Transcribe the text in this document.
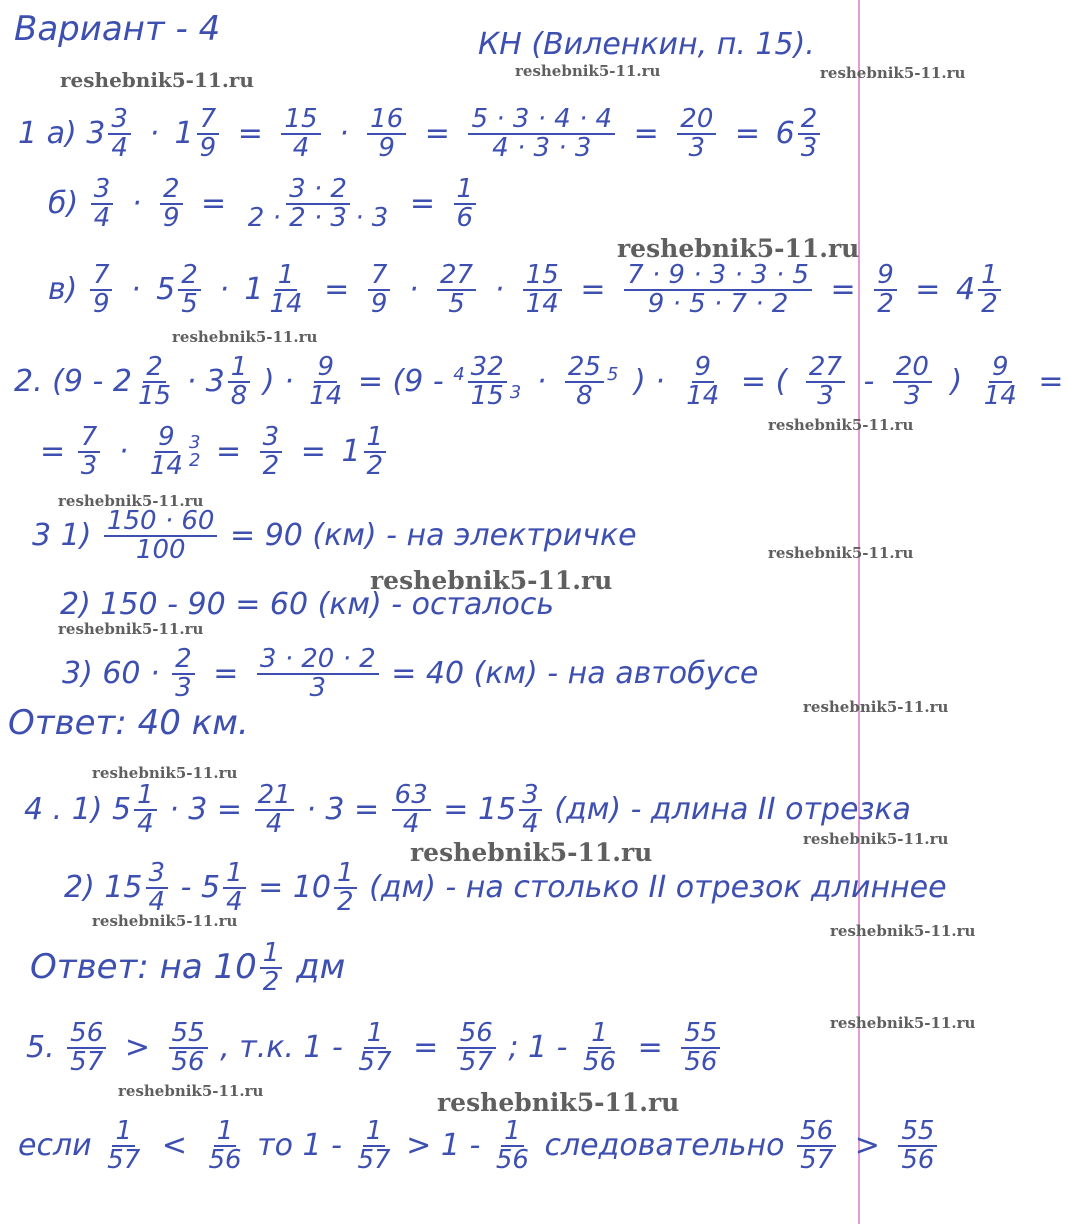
Вариант - 4	КН (Виленкин, п. 15).
reshebnik5-11.ru	reshebnik5-11.ru	reshebnik5-11.ru
reshebnik5-11.ru
reshebnik5-11.ru
reshebnik5-11.ru
reshebnik5-11.ru
reshebnik5-11.ru
reshebnik5-11.ru
reshebnik5-11.ru
reshebnik5-11.ru
reshebnik5-11.ru
reshebnik5-11.ru
reshebnik5-11.ru
reshebnik5-11.ru
reshebnik5-11.ru
reshebnik5-11.ru
reshebnik5-11.ru	reshebnik5-11.ru
1 а) $3 \frac{3}{4} \cdot 1 \frac{7}{9} = \frac{15}{4} \cdot \frac{16}{9} = \frac{5 \cdot 3 \cdot 4 \cdot 4}{4 \cdot 3 \cdot 3} = \frac{20}{3} = 6 \frac{2}{3}$
$б) \frac{3}{4} \cdot \frac{2}{9} = \frac{3 \cdot 2}{2 \cdot 2 \cdot 3 \cdot 3} = \frac{1}{6}$
$в) \frac{7}{9} \cdot 5 \frac{2}{5} \cdot 1 \frac{1}{14} = \frac{7}{9} \cdot \frac{27}{5} \cdot \frac{15}{14} = \frac{7 \cdot 9 \cdot 3 \cdot 3 \cdot 5}{9 \cdot 5 \cdot 7 \cdot 2} = \frac{9}{2} = 4 \frac{1}{2}$
2. ($9 - 2 \frac{2}{15} \cdot 3 \frac{1}{8}$ ) · $\frac{9}{14} = (9 - ^4 \frac{32}{15} _3 \cdot \frac{25}{8} ^5$ ) · $\frac{9}{14}$ = ( $\frac{27}{3} - \frac{20}{3}$ ) $\frac{9}{14}$ =
= $\frac{7}{3} \cdot \frac{9}{14} 3$
$2 = \frac{3}{2} = 1 \frac{1}{2}$
3 $1) \frac{150 \cdot 60}{100} = 90$ (км) - на электричке
2) 150 - 90 = 60 (км) - осталось
3) $60 \cdot \frac{2}{3} = \frac{3 \cdot 20 \cdot 2}{3} = 40$ (км) - на автобусе
Ответ: 40 км.
4 . 1) $5 \frac{1}{4} \cdot 3 = \frac{21}{4} \cdot 3 = \frac{63}{4} = 15 \frac{3}{4} (дм)$ - длина II отрезка
2) $15 \frac{3}{4} - 5 \frac{1}{4} = 10 \frac{1}{2} (дм)$ - на столько II отрезок длиннее
Ответ: на $10 \frac{1}{2}$ дм
5. $\frac{56}{57} > \frac{55}{56}$ , т.к. $1 - \frac{1}{57} = \frac{56}{57}$ ; $1 - \frac{1}{56} = \frac{55}{56}$
если $\frac{1}{57} < \frac{1}{56}$ то $1 - \frac{1}{57} > 1 - \frac{1}{56}$ следовательно $\frac{56}{57} > \frac{55}{56}$
